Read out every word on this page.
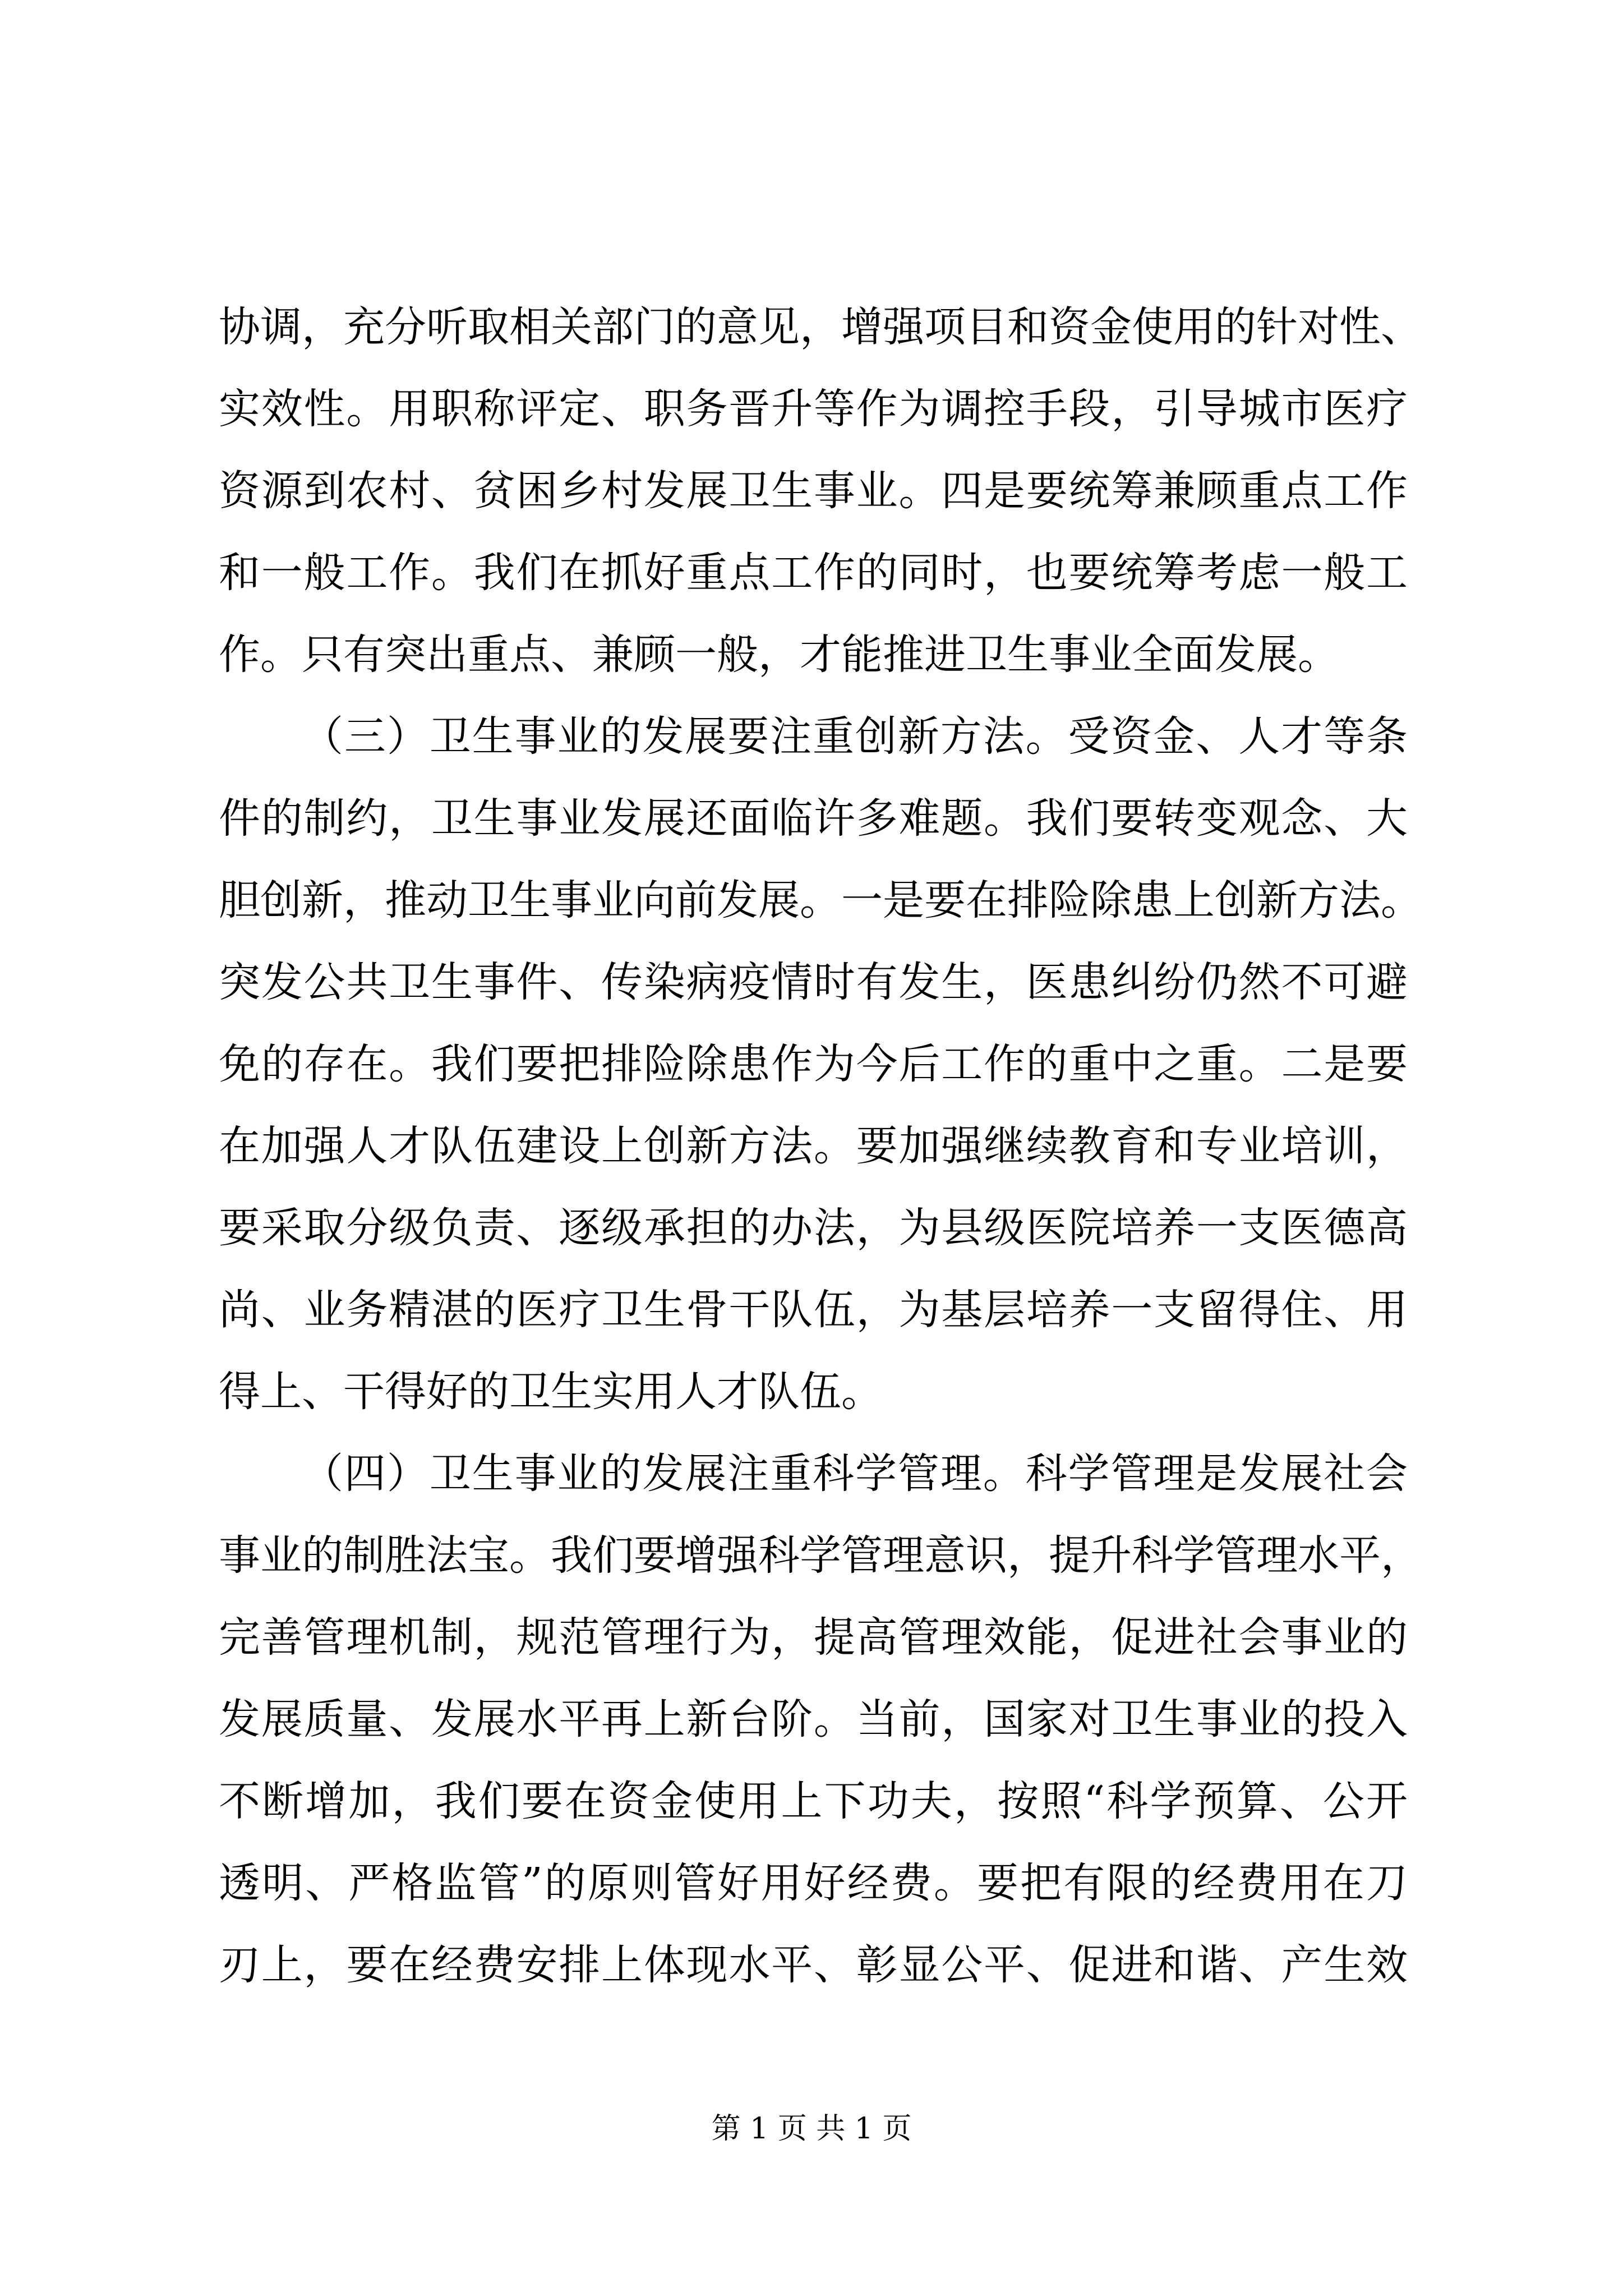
协调，充分听取相关部门的意见，增强项目和资金使用的针对性、
实效性。用职称评定、职务晋升等作为调控手段，引导城市医疗
资源到农村、贫困乡村发展卫生事业。四是要统筹兼顾重点工作
和一般工作。我们在抓好重点工作的同时，也要统筹考虑一般工
作。只有突出重点、兼顾一般，才能推进卫生事业全面发展。
（三）卫生事业的发展要注重创新方法。受资金、人才等条
件的制约，卫生事业发展还面临许多难题。我们要转变观念、大
胆创新，推动卫生事业向前发展。一是要在排险除患上创新方法。
突发公共卫生事件、传染病疫情时有发生，医患纠纷仍然不可避
免的存在。我们要把排险除患作为今后工作的重中之重。二是要
在加强人才队伍建设上创新方法。要加强继续教育和专业培训，
要采取分级负责、逐级承担的办法，为县级医院培养一支医德高
尚、业务精湛的医疗卫生骨干队伍，为基层培养一支留得住、用
得上、干得好的卫生实用人才队伍。
（四）卫生事业的发展注重科学管理。科学管理是发展社会
事业的制胜法宝。我们要增强科学管理意识，提升科学管理水平，
完善管理机制，规范管理行为，提高管理效能，促进社会事业的
发展质量、发展水平再上新台阶。当前，国家对卫生事业的投入
不断增加，我们要在资金使用上下功夫，按照“科学预算、公开
透明、严格监管”的原则管好用好经费。要把有限的经费用在刀
刃上，要在经费安排上体现水平、彰显公平、促进和谐、产生效
第 1 页 共 1 页
